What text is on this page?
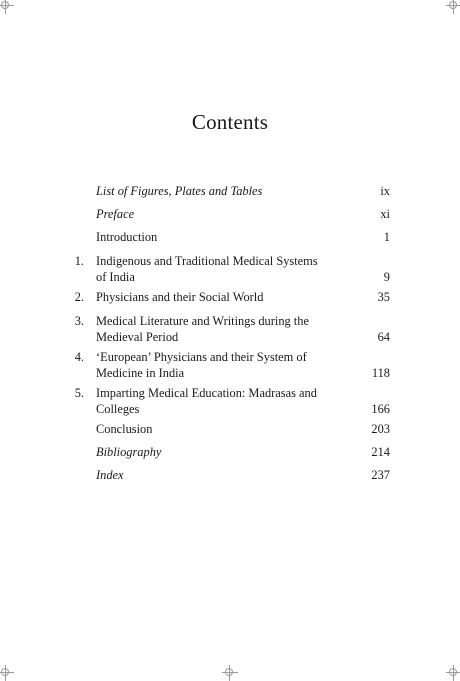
Contents
List of Figures, Plates and Tables	ix
Preface	xi
Introduction	1
1. Indigenous and Traditional Medical Systems
of India	9
2. Physicians and their Social World	35
3. Medical Literature and Writings during the
Medieval Period	64
4. ‘European’ Physicians and their System of
Medicine in India	118
5. Imparting Medical Education: Madrasas and
Colleges	166
Conclusion	203
Bibliography	214
Index	237
